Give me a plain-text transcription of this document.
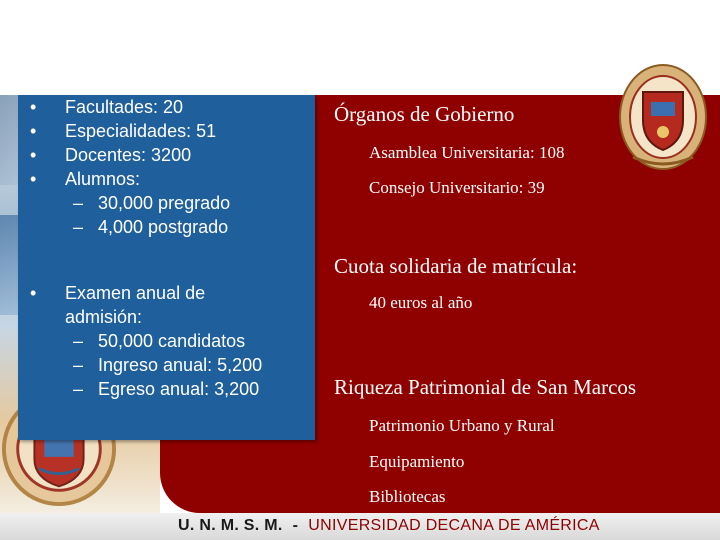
• Facultades: 20
• Especialidades: 51
• Docentes: 3200
• Alumnos:
– 30,000 pregrado
– 4,000 postgrado
• Examen anual de
admisión:
– 50,000 candidatos
– Ingreso anual: 5,200
– Egreso anual: 3,200
Órganos de Gobierno
Asamblea Universitaria: 108
Consejo Universitario: 39
Cuota solidaria de matrícula:
40 euros al año
Riqueza Patrimonial de San Marcos
Patrimonio Urbano y Rural
Equipamiento
Bibliotecas
U. N. M. S. M. - UNIVERSIDAD DECANA DE AMÉRICA
